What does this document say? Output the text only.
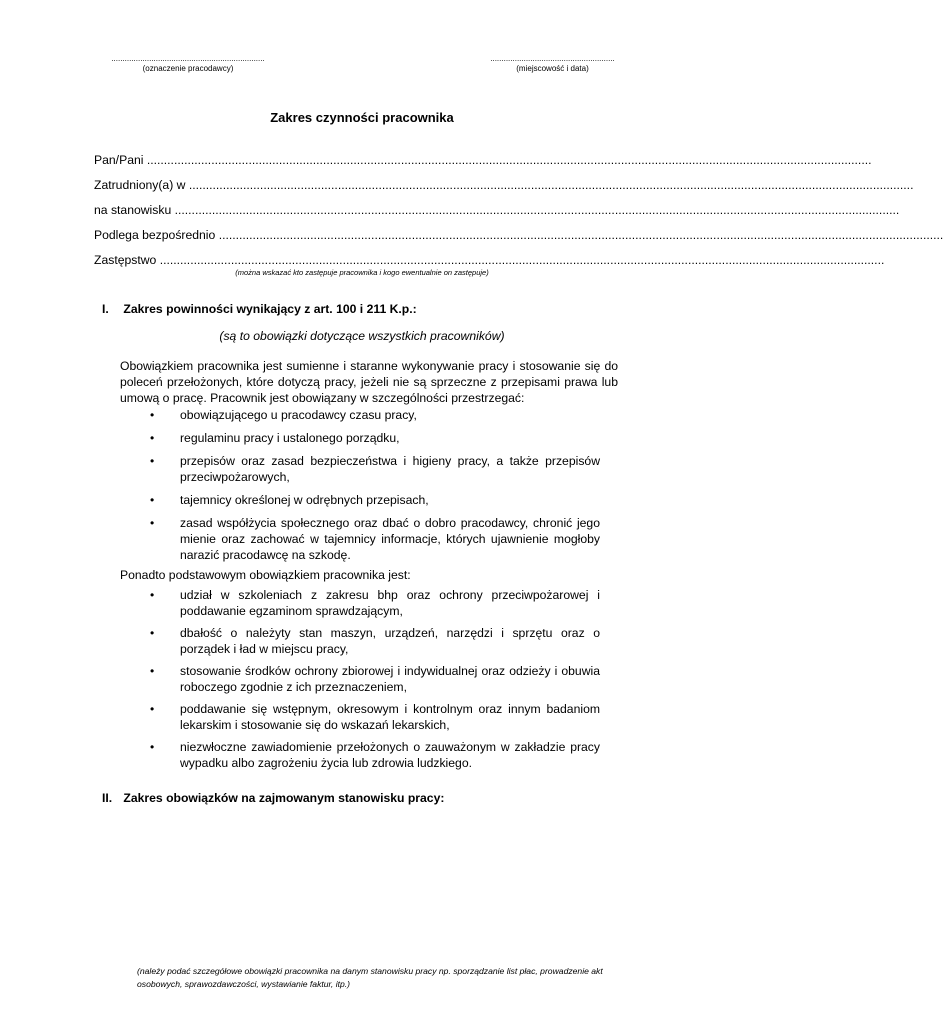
.....................................................................
(oznaczenie pracodawcy)
........................................................
(miejscowość i data)
Zakres czynności pracownika
Pan/Pani ......................................................................................................................................................................................................................
Zatrudniony(a) w ......................................................................................................................................................................................................................
na stanowisku ......................................................................................................................................................................................................................
Podlega bezpośrednio ......................................................................................................................................................................................................................
Zastępstwo ......................................................................................................................................................................................................................
(można wskazać kto zastępuje pracownika i kogo ewentualnie on zastępuje)
I. Zakres powinności wynikający z art. 100 i 211 K.p.:
(są to obowiązki dotyczące wszystkich pracowników)

Obowiązkiem pracownika jest sumienne i staranne wykonywanie pracy i stosowanie się do poleceń przełożonych, które dotyczą pracy, jeżeli nie są sprzeczne z przepisami prawa lub umową o pracę. Pracownik jest obowiązany w szczególności przestrzegać:

• obowiązującego u pracodawcy czasu pracy,
• regulaminu pracy i ustalonego porządku,
• przepisów oraz zasad bezpieczeństwa i higieny pracy, a także przepisów przeciwpożarowych,
• tajemnicy określonej w odrębnych przepisach,
• zasad współżycia społecznego oraz dbać o dobro pracodawcy, chronić jego mienie oraz zachować w tajemnicy informacje, których ujawnienie mogłoby narazić pracodawcę na szkodę.

Ponadto podstawowym obowiązkiem pracownika jest:

• udział w szkoleniach z zakresu bhp oraz ochrony przeciwpożarowej i poddawanie egzaminom sprawdzającym,
• dbałość o należyty stan maszyn, urządzeń, narzędzi i sprzętu oraz o porządek i ład w miejscu pracy,
• stosowanie środków ochrony zbiorowej i indywidualnej oraz odzieży i obuwia roboczego zgodnie z ich przeznaczeniem,
• poddawanie się wstępnym, okresowym i kontrolnym oraz innym badaniom lekarskim i stosowanie się do wskazań lekarskich,
• niezwłoczne zawiadomienie przełożonych o zauważonym w zakładzie pracy wypadku albo zagrożeniu życia lub zdrowia ludzkiego.
II. Zakres obowiązków na zajmowanym stanowisku pracy:
(należy podać szczegółowe obowiązki pracownika na danym stanowisku pracy np. sporządzanie list płac, prowadzenie akt osobowych, sprawozdawczości, wystawianie faktur, itp.)
